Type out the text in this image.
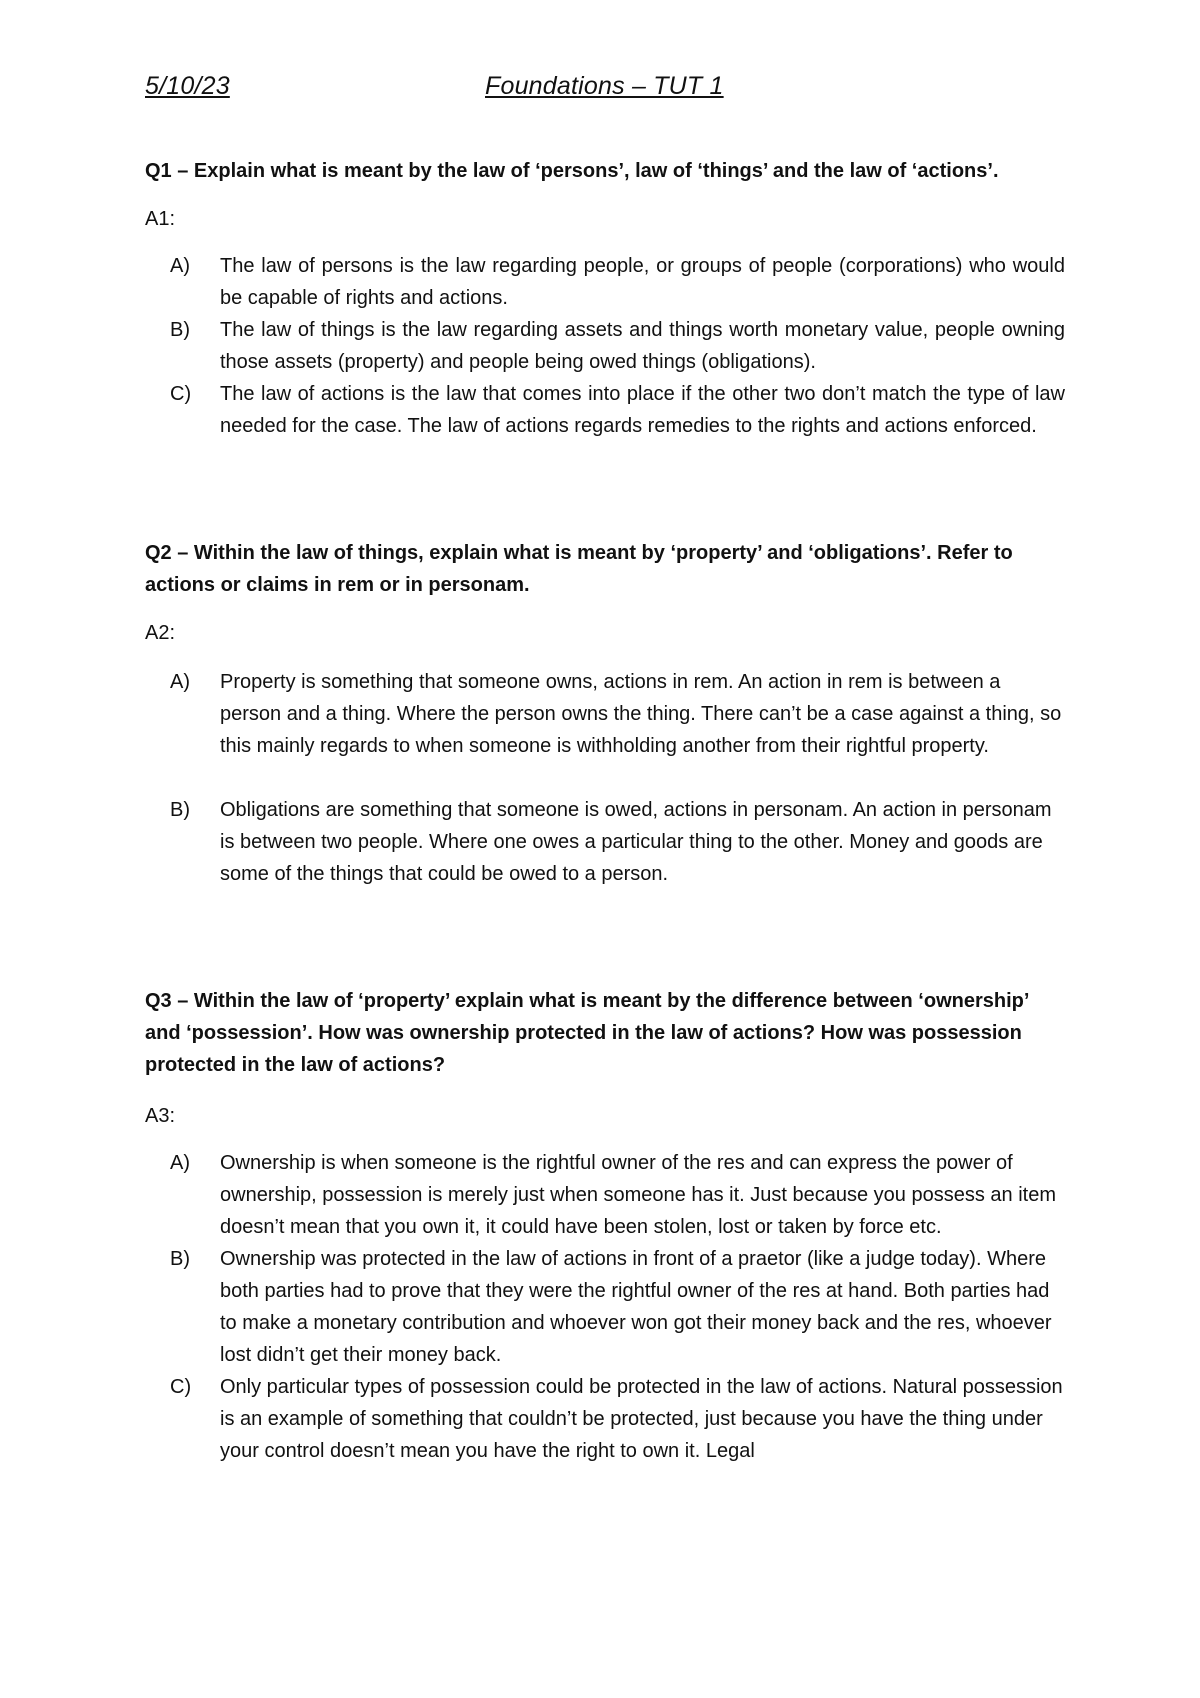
5/10/23	Foundations – TUT 1
Q1 – Explain what is meant by the law of ‘persons’, law of ‘things’ and the law of ‘actions’.
A1:
A) The law of persons is the law regarding people, or groups of people (corporations) who would be capable of rights and actions.
B) The law of things is the law regarding assets and things worth monetary value, people owning those assets (property) and people being owed things (obligations).
C) The law of actions is the law that comes into place if the other two don’t match the type of law needed for the case. The law of actions regards remedies to the rights and actions enforced.
Q2 – Within the law of things, explain what is meant by ‘property’ and ‘obligations’. Refer to actions or claims in rem or in personam.
A2:
A) Property is something that someone owns, actions in rem. An action in rem is between a person and a thing. Where the person owns the thing. There can’t be a case against a thing, so this mainly regards to when someone is withholding another from their rightful property.
B) Obligations are something that someone is owed, actions in personam. An action in personam is between two people. Where one owes a particular thing to the other. Money and goods are some of the things that could be owed to a person.
Q3 – Within the law of ‘property’ explain what is meant by the difference between ‘ownership’ and ‘possession’. How was ownership protected in the law of actions? How was possession protected in the law of actions?
A3:
A) Ownership is when someone is the rightful owner of the res and can express the power of ownership, possession is merely just when someone has it. Just because you possess an item doesn’t mean that you own it, it could have been stolen, lost or taken by force etc.
B) Ownership was protected in the law of actions in front of a praetor (like a judge today). Where both parties had to prove that they were the rightful owner of the res at hand. Both parties had to make a monetary contribution and whoever won got their money back and the res, whoever lost didn’t get their money back.
C) Only particular types of possession could be protected in the law of actions. Natural possession is an example of something that couldn’t be protected, just because you have the thing under your control doesn’t mean you have the right to own it. Legal
